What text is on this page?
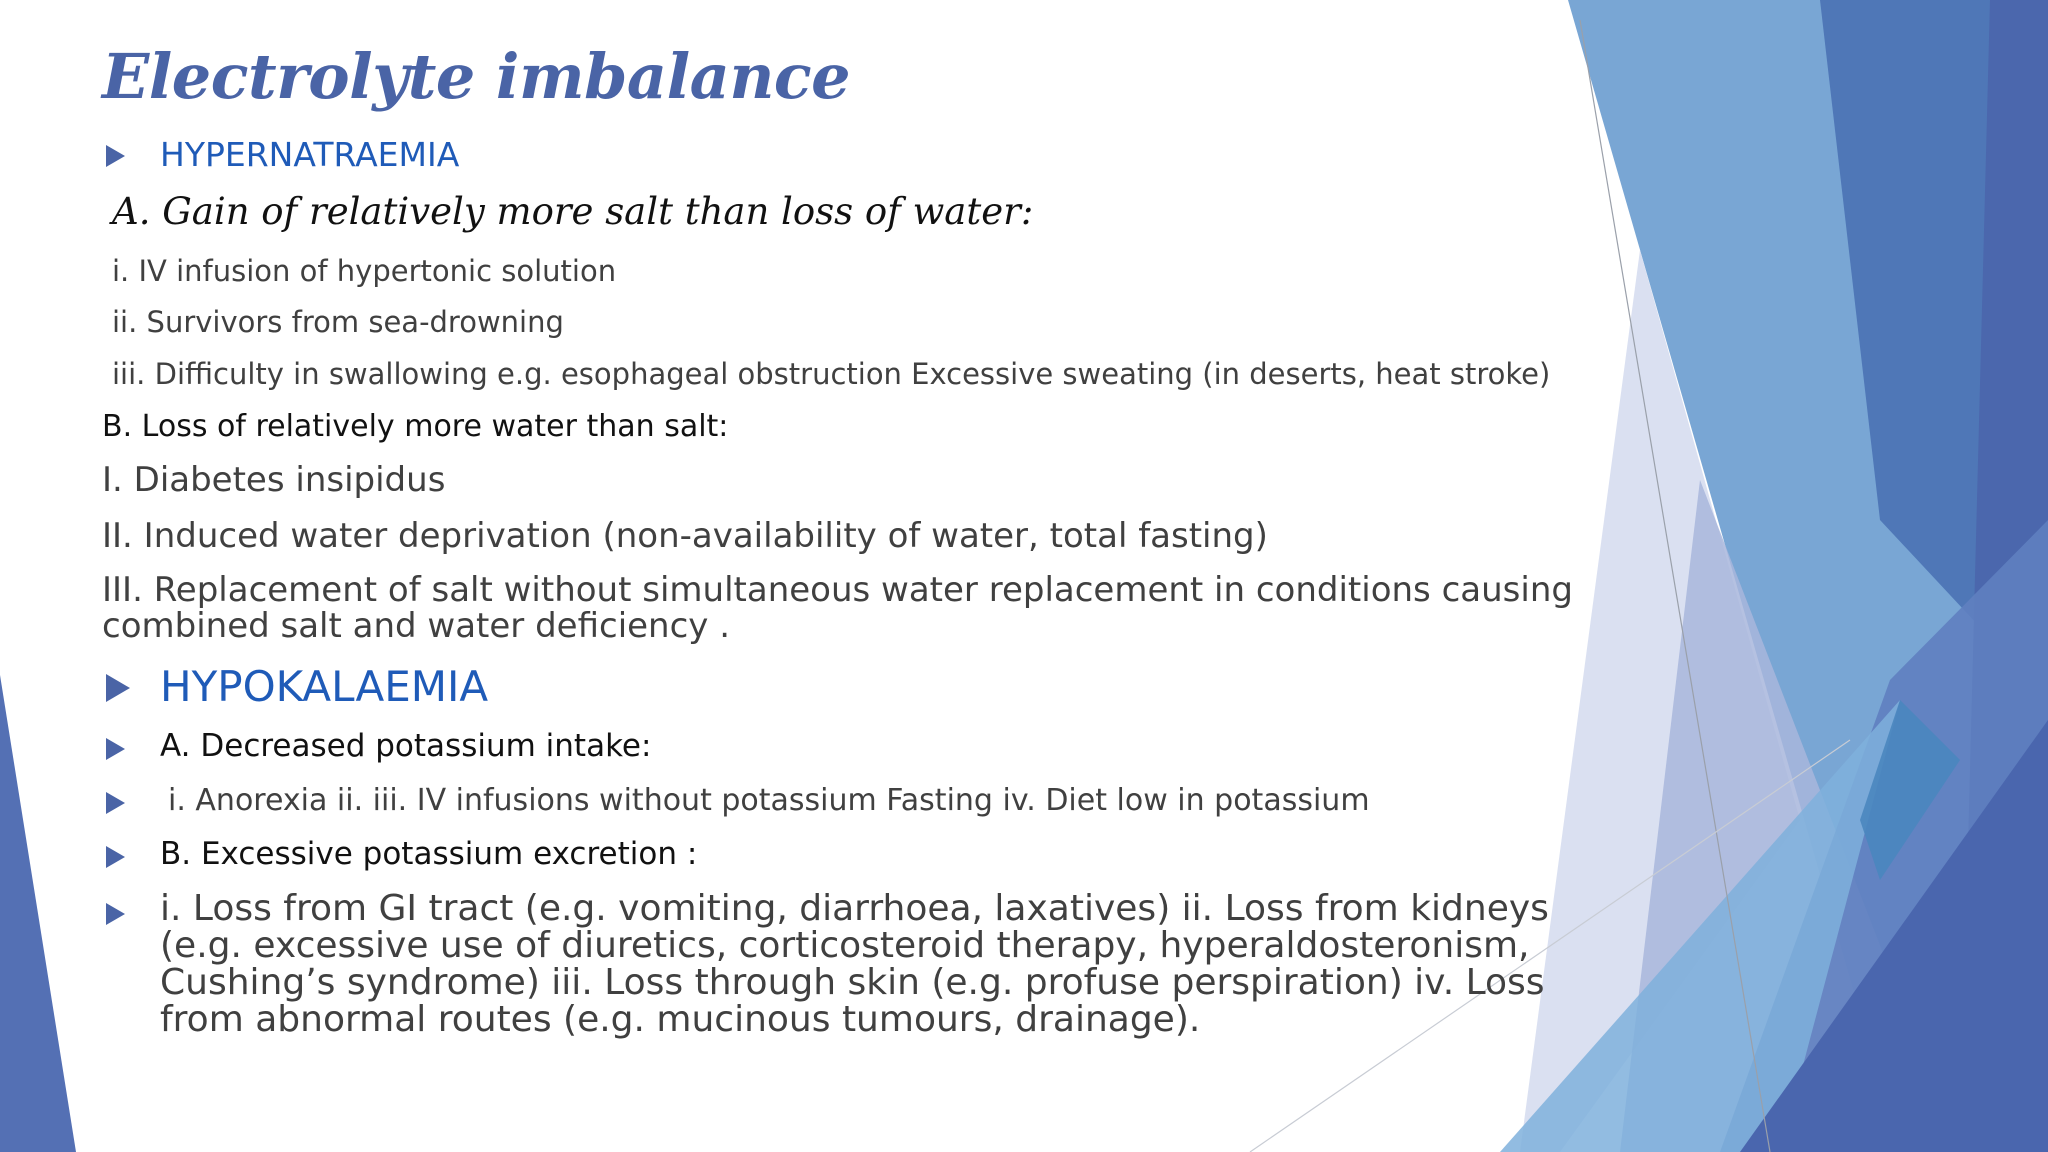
Electrolyte imbalance
HYPERNATRAEMIA
A. Gain of relatively more salt than loss of water:
i. IV infusion of hypertonic solution
ii. Survivors from sea-drowning
iii. Difficulty in swallowing e.g. esophageal obstruction Excessive sweating (in deserts, heat stroke)
B. Loss of relatively more water than salt:
I. Diabetes insipidus
II. Induced water deprivation (non-availability of water, total fasting)
III. Replacement of salt without simultaneous water replacement in conditions causing combined salt and water deficiency .
HYPOKALAEMIA
A. Decreased potassium intake:
i. Anorexia ii. iii. IV infusions without potassium Fasting iv. Diet low in potassium
B. Excessive potassium excretion :
i. Loss from GI tract (e.g. vomiting, diarrhoea, laxatives) ii. Loss from kidneys (e.g. excessive use of diuretics, corticosteroid therapy, hyperaldosteronism, Cushing’s syndrome) iii. Loss through skin (e.g. profuse perspiration) iv. Loss from abnormal routes (e.g. mucinous tumours, drainage).
